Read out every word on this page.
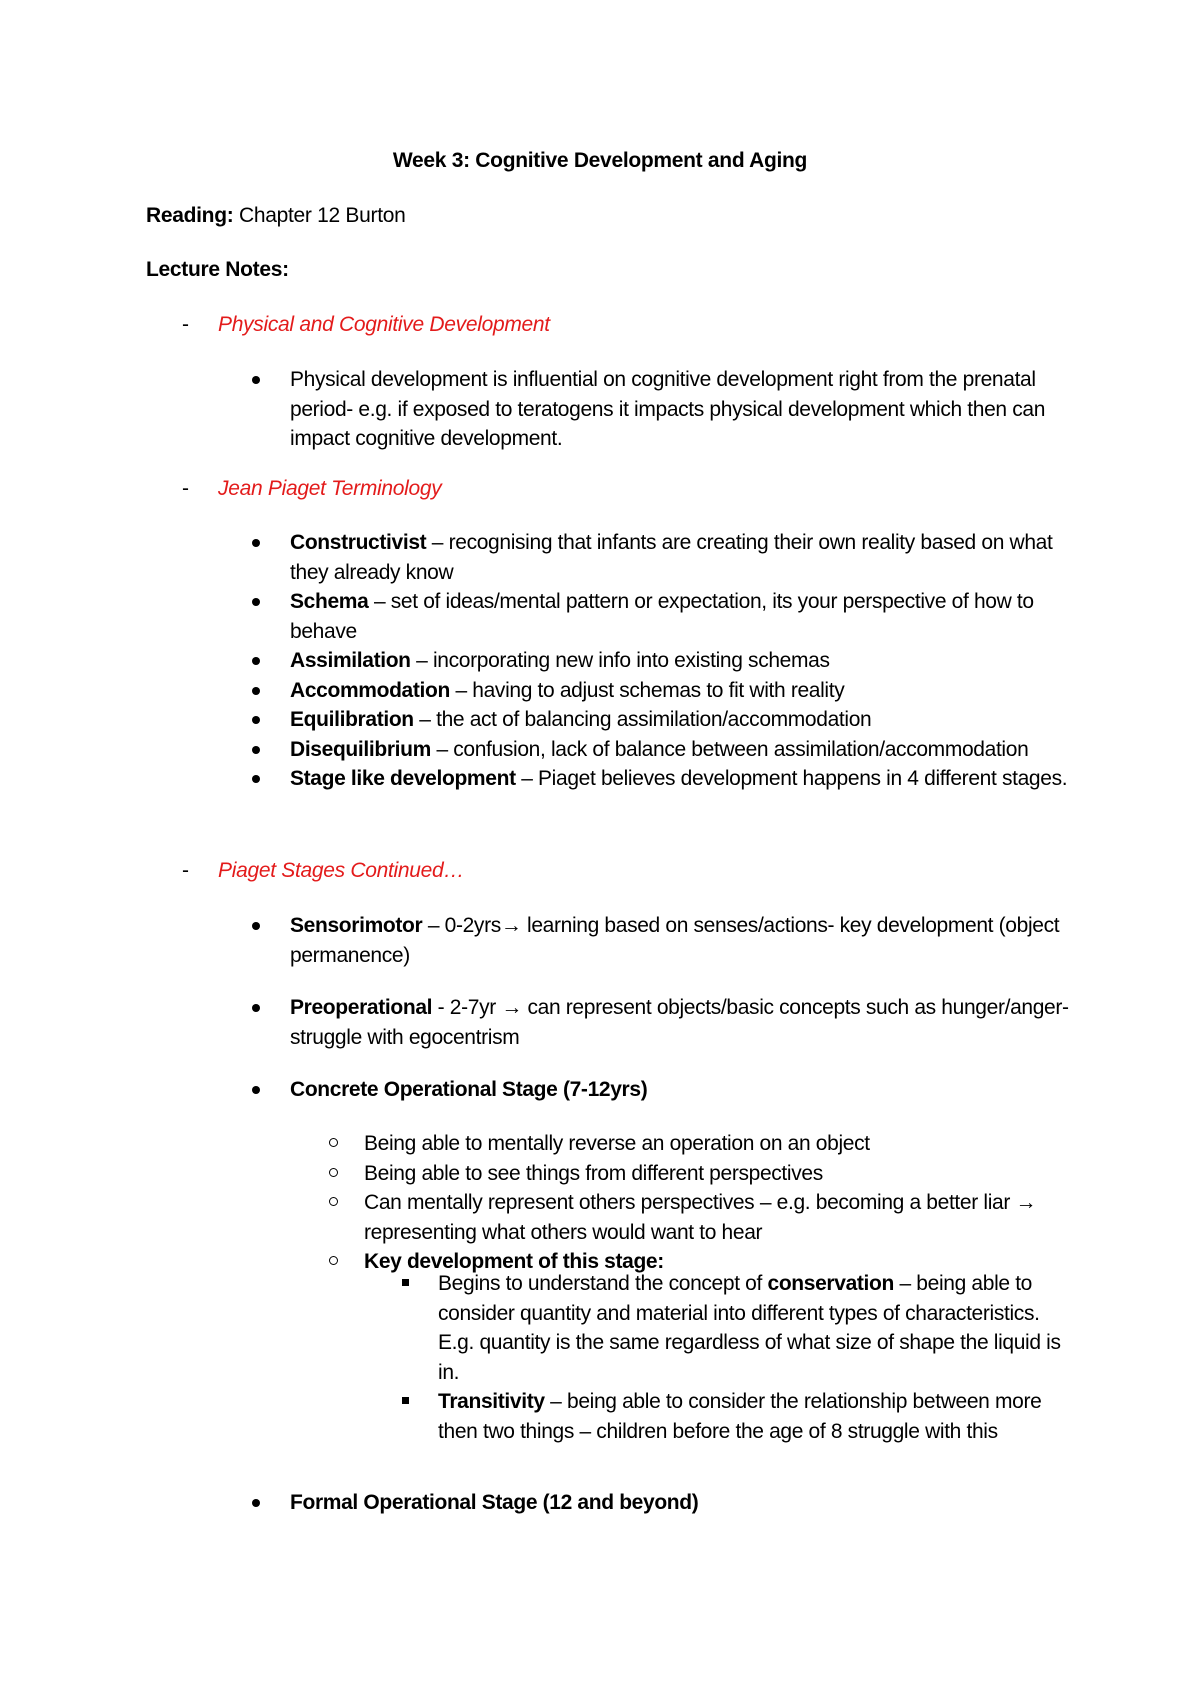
Week 3: Cognitive Development and Aging
Reading: Chapter 12 Burton
Lecture Notes:
- Physical and Cognitive Development
Physical development is influential on cognitive development right from the prenatal period- e.g. if exposed to teratogens it impacts physical development which then can impact cognitive development.
- Jean Piaget Terminology
Constructivist – recognising that infants are creating their own reality based on what they already know
Schema – set of ideas/mental pattern or expectation, its your perspective of how to behave
Assimilation – incorporating new info into existing schemas
Accommodation – having to adjust schemas to fit with reality
Equilibration – the act of balancing assimilation/accommodation
Disequilibrium – confusion, lack of balance between assimilation/accommodation
Stage like development – Piaget believes development happens in 4 different stages.
- Piaget Stages Continued…
Sensorimotor – 0-2yrs→ learning based on senses/actions- key development (object permanence)
Preoperational - 2-7yr → can represent objects/basic concepts such as hunger/anger- struggle with egocentrism
Concrete Operational Stage (7-12yrs)
Being able to mentally reverse an operation on an object
Being able to see things from different perspectives
Can mentally represent others perspectives – e.g. becoming a better liar → representing what others would want to hear
Key development of this stage:
Begins to understand the concept of conservation – being able to consider quantity and material into different types of characteristics. E.g. quantity is the same regardless of what size of shape the liquid is in.
Transitivity – being able to consider the relationship between more then two things – children before the age of 8 struggle with this
Formal Operational Stage (12 and beyond)
